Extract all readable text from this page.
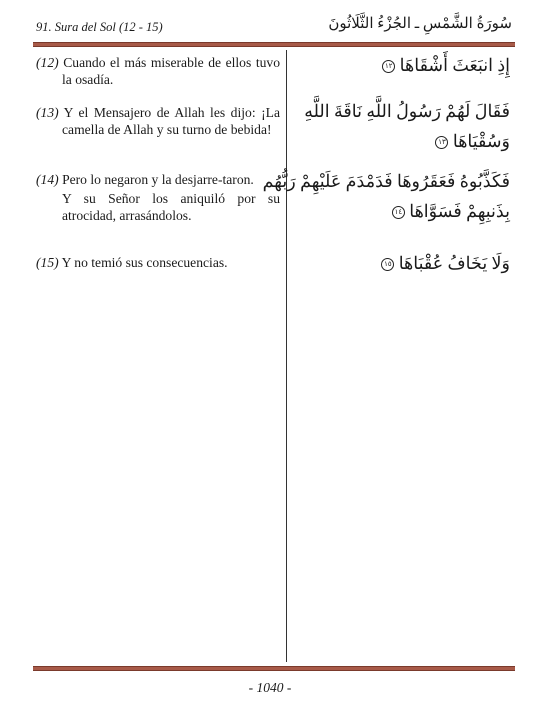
91. Sura del Sol (12 - 15)	سُورَةُ الشَّمْسِ ـ الجُزْءُ الثَّلَاثُونَ
(12) Cuando el más miserable de ellos tuvo la osadía.
إِذِ انبَعَثَ أَشْقَاهَا ١٢
(13) Y el Mensajero de Allah les dijo: ¡La camella de Allah y su turno de bebida!
فَقَالَ لَهُمْ رَسُولُ اللَّهِ نَاقَةَ اللَّهِ
وَسُقْيَاهَا ١٣
(14) Pero lo negaron y la desjarre-taron.
Y su Señor los aniquiló por su atrocidad, arrasándolos.
فَكَذَّبُوهُ فَعَقَرُوهَا فَدَمْدَمَ عَلَيْهِمْ رَبُّهُم
بِذَنبِهِمْ فَسَوَّاهَا ١٤
(15) Y no temió sus consecuencias.	وَلَا يَخَافُ عُقْبَاهَا ١٥
- 1040 -
